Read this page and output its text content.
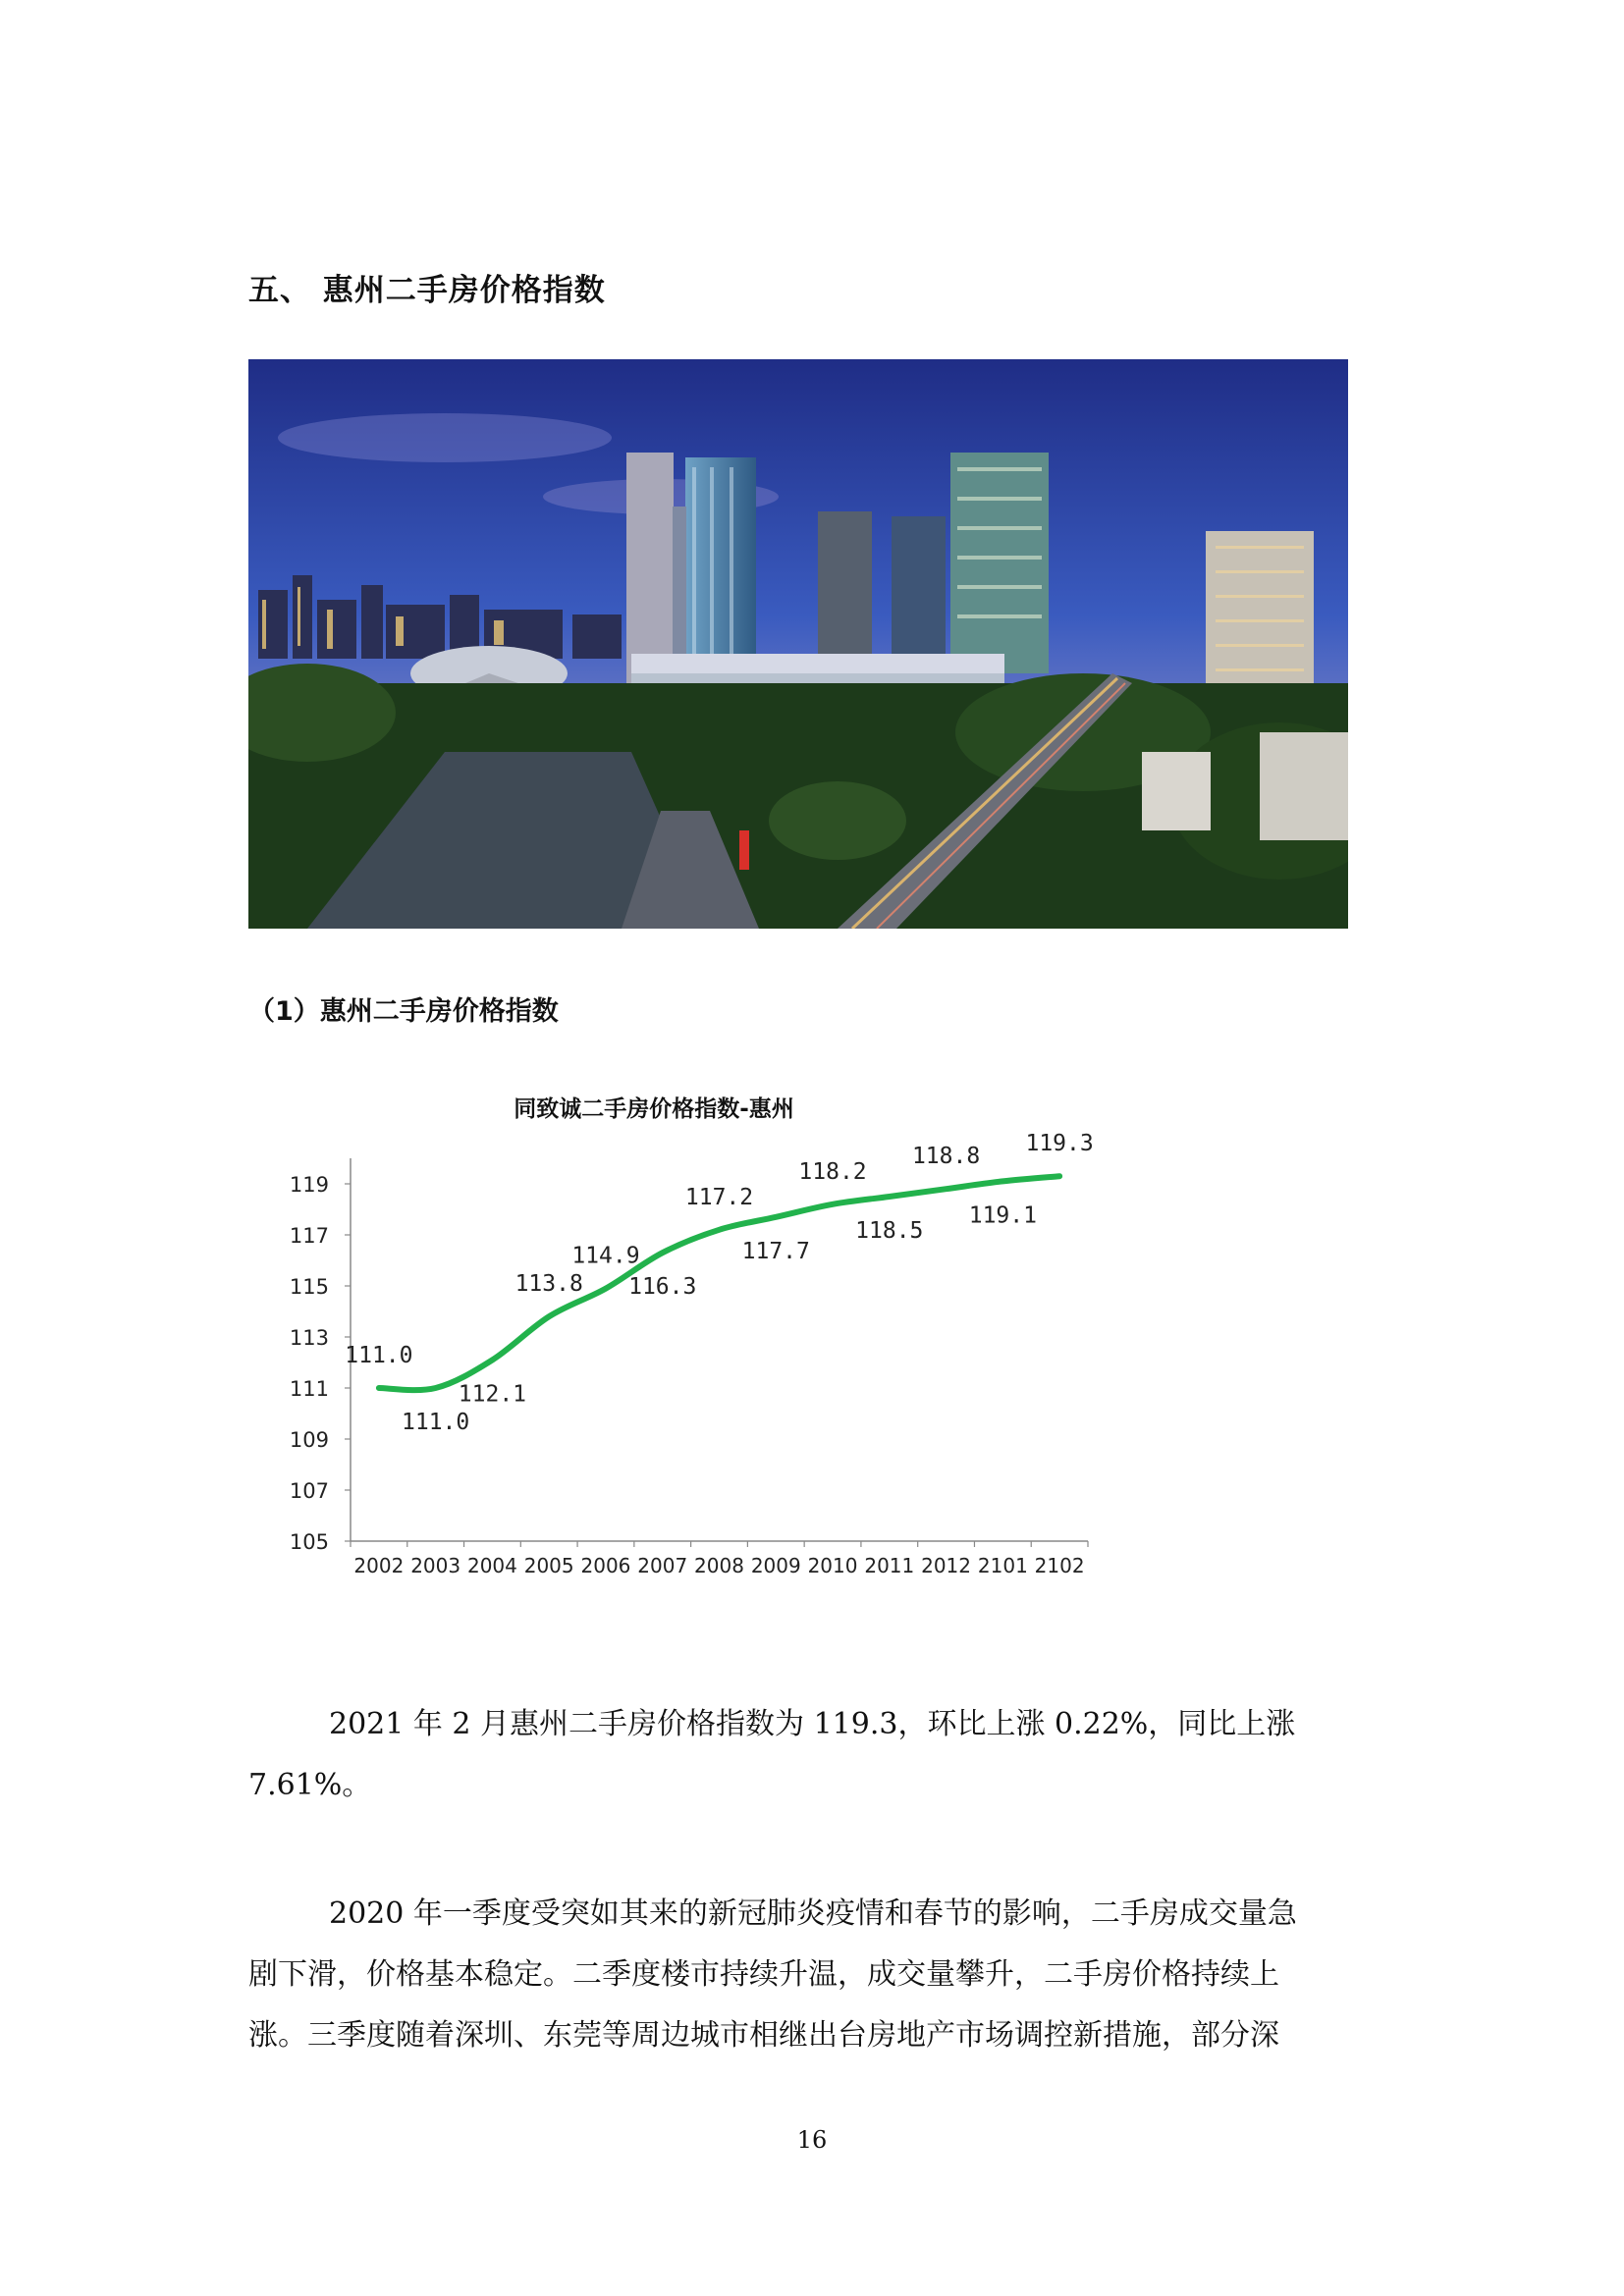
五、 惠州二手房价格指数
（1）惠州二手房价格指数
同致诚二手房价格指数-惠州
105
107
109
111
113
115
117
119
2002 2003 2004 2005 2006 2007 2008 2009 2010 2011 2012 2101 2102
111.0
111.0
112.1
113.8
114.9
116.3
117.2
117.7
118.2
118.5
118.8
119.1
119.3
2021 年 2 月惠州二手房价格指数为 119.3，环比上涨 0.22%，同比上涨
7.61%。
2020 年一季度受突如其来的新冠肺炎疫情和春节的影响，二手房成交量急
剧下滑，价格基本稳定。二季度楼市持续升温，成交量攀升，二手房价格持续上
涨。三季度随着深圳、东莞等周边城市相继出台房地产市场调控新措施，部分深
16
